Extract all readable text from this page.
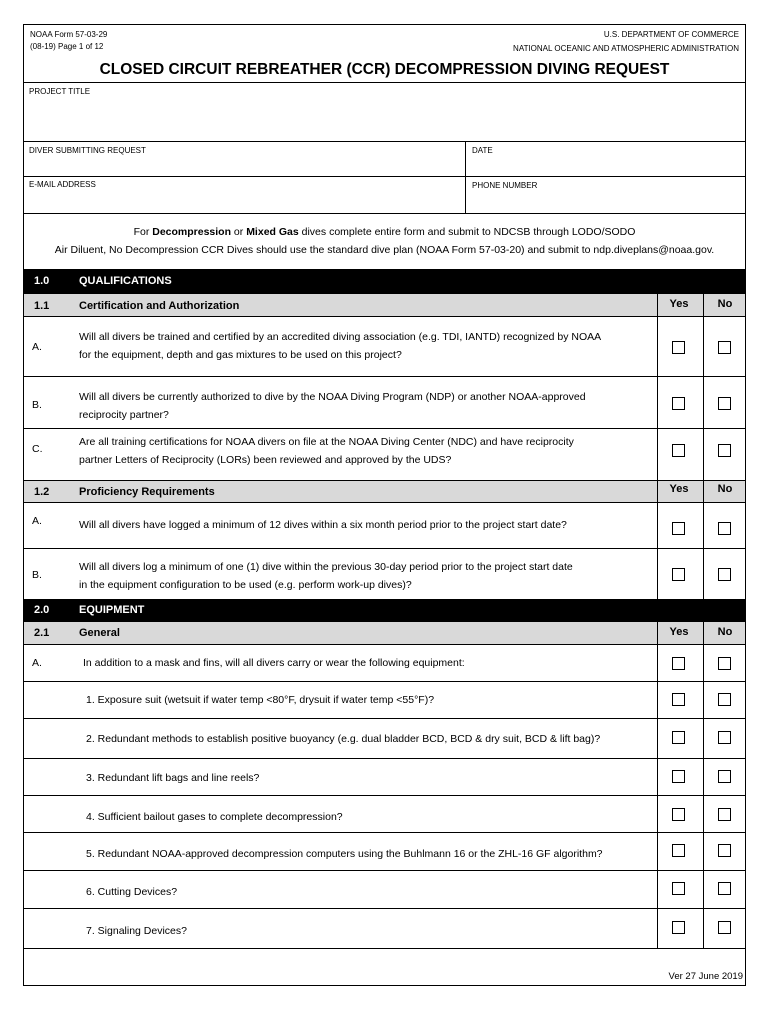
NOAA Form 57-03-29
(08-19) Page 1 of 12
U.S. DEPARTMENT OF COMMERCE
NATIONAL OCEANIC AND ATMOSPHERIC ADMINISTRATION
CLOSED CIRCUIT REBREATHER (CCR) DECOMPRESSION DIVING REQUEST
PROJECT TITLE
DIVER SUBMITTING REQUEST	DATE
E-MAIL ADDRESS	PHONE NUMBER
For Decompression or Mixed Gas dives complete entire form and submit to NDCSB through LODO/SODO
Air Diluent, No Decompression CCR Dives should use the standard dive plan (NOAA Form 57-03-20) and submit to ndp.diveplans@noaa.gov.
1.0	QUALIFICATIONS
1.1	Certification and Authorization	Yes	No
A.
Will all divers be trained and certified by an accredited diving association (e.g. TDI, IANTD) recognized by NOAA
for the equipment, depth and gas mixtures to be used on this project?
B.
Will all divers be currently authorized to dive by the NOAA Diving Program (NDP) or another NOAA-approved
reciprocity partner?
C.
Are all training certifications for NOAA divers on file at the NOAA Diving Center (NDC) and have reciprocity
partner Letters of Reciprocity (LORs) been reviewed and approved by the UDS?
1.2	Proficiency Requirements	Yes	No
A.	Will all divers have logged a minimum of 12 dives within a six month period prior to the project start date?
B.
Will all divers log a minimum of one (1) dive within the previous 30-day period prior to the project start date
in the equipment configuration to be used (e.g. perform work-up dives)?
2.0	EQUIPMENT
2.1	General	Yes	No
A.	In addition to a mask and fins, will all divers carry or wear the following equipment:
1. Exposure suit (wetsuit if water temp <80°F, drysuit if water temp <55°F)?
2. Redundant methods to establish positive buoyancy (e.g. dual bladder BCD, BCD & dry suit, BCD & lift bag)?
3. Redundant lift bags and line reels?
4. Sufficient bailout gases to complete decompression?
5. Redundant NOAA-approved decompression computers using the Buhlmann 16 or the ZHL-16 GF algorithm?
6. Cutting Devices?
7. Signaling Devices?
Ver 27 June 2019
